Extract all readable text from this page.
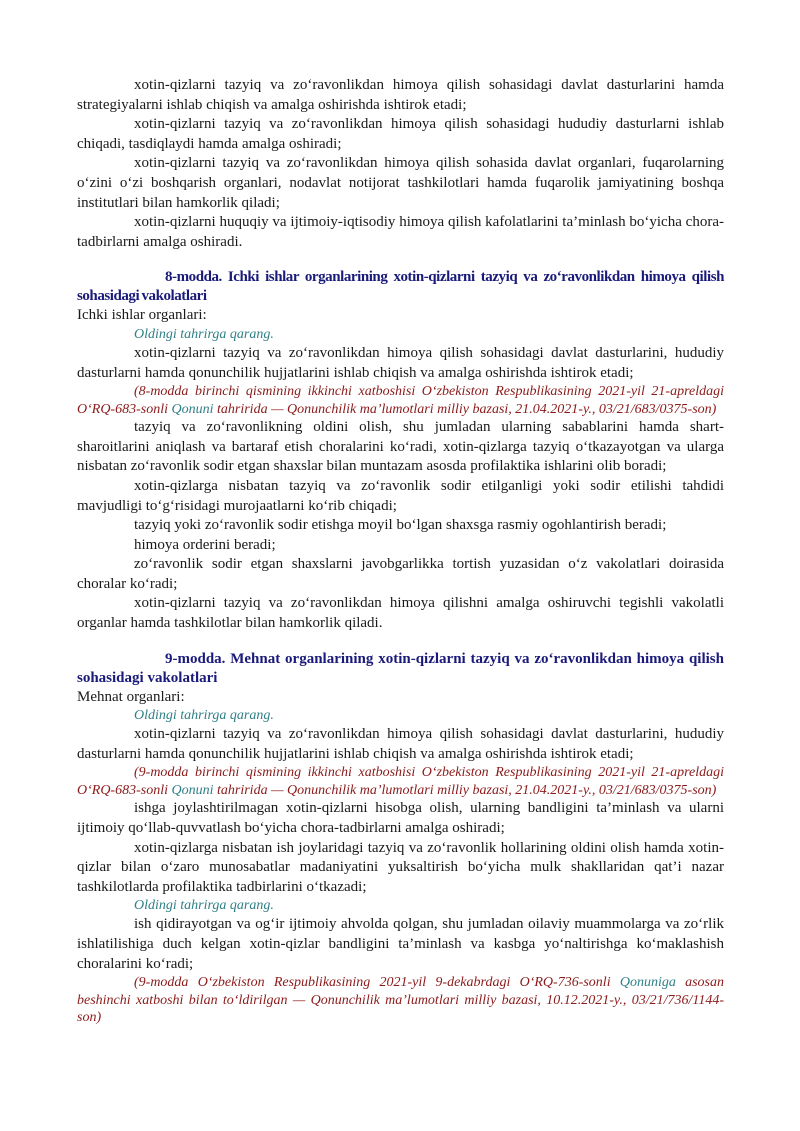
xotin-qizlarni tazyiq va zo‘ravonlikdan himoya qilish sohasidagi davlat dasturlarini hamda strategiyalarni ishlab chiqish va amalga oshirishda ishtirok etadi;

xotin-qizlarni tazyiq va zo‘ravonlikdan himoya qilish sohasidagi hududiy dasturlarni ishlab chiqadi, tasdiqlaydi hamda amalga oshiradi;

xotin-qizlarni tazyiq va zo‘ravonlikdan himoya qilish sohasida davlat organlari, fuqarolarning o‘zini o‘zi boshqarish organlari, nodavlat notijorat tashkilotlari hamda fuqarolik jamiyatining boshqa institutlari bilan hamkorlik qiladi;

xotin-qizlarni huquqiy va ijtimoiy-iqtisodiy himoya qilish kafolatlarini ta’minlash bo‘yicha chora-tadbirlarni amalga oshiradi.

8-modda. Ichki ishlar organlarining xotin-qizlarni tazyiq va zo‘ravonlikdan himoya qilish sohasidagi vakolatlari

Ichki ishlar organlari:

Oldingi tahrirga qarang.

xotin-qizlarni tazyiq va zo‘ravonlikdan himoya qilish sohasidagi davlat dasturlarini, hududiy dasturlarni hamda qonunchilik hujjatlarini ishlab chiqish va amalga oshirishda ishtirok etadi;

(8-modda birinchi qismining ikkinchi xatboshisi O‘zbekiston Respublikasining 2021-yil 21-apreldagi O‘RQ-683-sonli Qonuni tahririda — Qonunchilik ma’lumotlari milliy bazasi, 21.04.2021-y., 03/21/683/0375-son)

tazyiq va zo‘ravonlikning oldini olish, shu jumladan ularning sabablarini hamda shart-sharoitlarini aniqlash va bartaraf etish choralarini ko‘radi, xotin-qizlarga tazyiq o‘tkazayotgan va ularga nisbatan zo‘ravonlik sodir etgan shaxslar bilan muntazam asosda profilaktika ishlarini olib boradi;

xotin-qizlarga nisbatan tazyiq va zo‘ravonlik sodir etilganligi yoki sodir etilishi tahdidi mavjudligi to‘g‘risidagi murojaatlarni ko‘rib chiqadi;

tazyiq yoki zo‘ravonlik sodir etishga moyil bo‘lgan shaxsga rasmiy ogohlantirish beradi;

himoya orderini beradi;

zo‘ravonlik sodir etgan shaxslarni javobgarlikka tortish yuzasidan o‘z vakolatlari doirasida choralar ko‘radi;

xotin-qizlarni tazyiq va zo‘ravonlikdan himoya qilishni amalga oshiruvchi tegishli vakolatli organlar hamda tashkilotlar bilan hamkorlik qiladi.

9-modda. Mehnat organlarining xotin-qizlarni tazyiq va zo‘ravonlikdan himoya qilish sohasidagi vakolatlari

Mehnat organlari:

Oldingi tahrirga qarang.

xotin-qizlarni tazyiq va zo‘ravonlikdan himoya qilish sohasidagi davlat dasturlarini, hududiy dasturlarni hamda qonunchilik hujjatlarini ishlab chiqish va amalga oshirishda ishtirok etadi;

(9-modda birinchi qismining ikkinchi xatboshisi O‘zbekiston Respublikasining 2021-yil 21-apreldagi O‘RQ-683-sonli Qonuni tahririda — Qonunchilik ma’lumotlari milliy bazasi, 21.04.2021-y., 03/21/683/0375-son)

ishga joylashtirilmagan xotin-qizlarni hisobga olish, ularning bandligini ta’minlash va ularni ijtimoiy qo‘llab-quvvatlash bo‘yicha chora-tadbirlarni amalga oshiradi;

xotin-qizlarga nisbatan ish joylaridagi tazyiq va zo‘ravonlik hollarining oldini olish hamda xotin-qizlar bilan o‘zaro munosabatlar madaniyatini yuksaltirish bo‘yicha mulk shakllaridan qat’i nazar tashkilotlarda profilaktika tadbirlarini o‘tkazadi;

Oldingi tahrirga qarang.

ish qidirayotgan va og‘ir ijtimoiy ahvolda qolgan, shu jumladan oilaviy muammolarga va zo‘rlik ishlatilishiga duch kelgan xotin-qizlar bandligini ta’minlash va kasbga yo‘naltirishga ko‘maklashish choralarini ko‘radi;

(9-modda O‘zbekiston Respublikasining 2021-yil 9-dekabrdagi O‘RQ-736-sonli Qonuniga asosan beshinchi xatboshi bilan to‘ldirilgan — Qonunchilik ma’lumotlari milliy bazasi, 10.12.2021-y., 03/21/736/1144-son)
